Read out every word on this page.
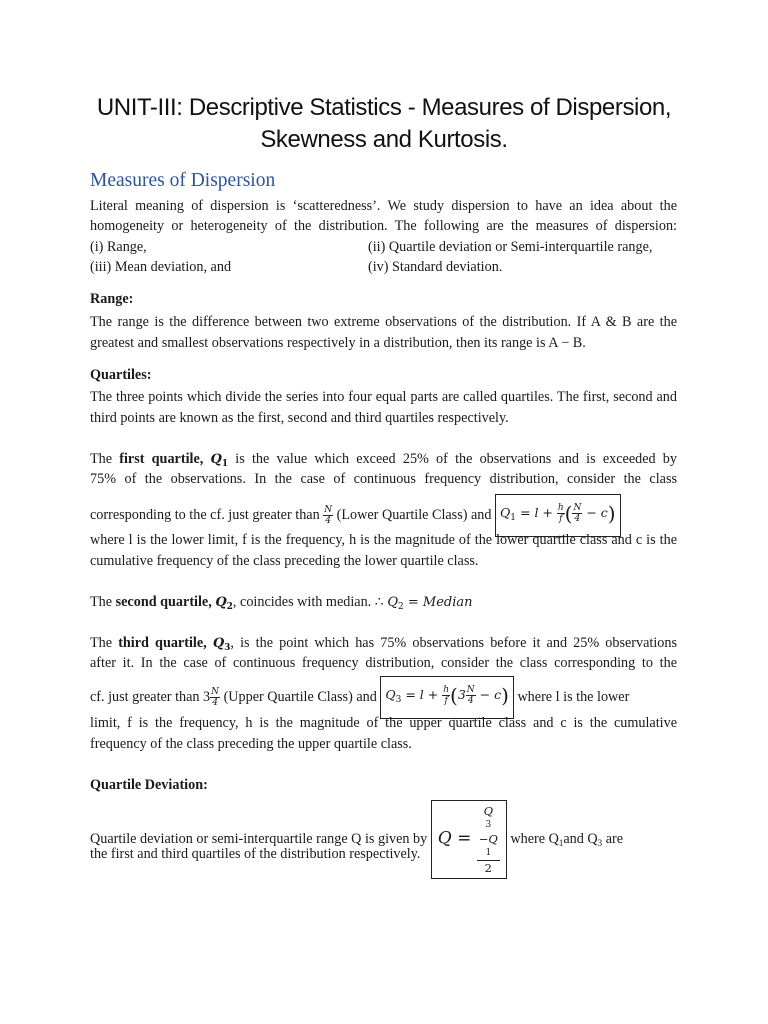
UNIT-III: Descriptive Statistics - Measures of Dispersion,
Skewness and Kurtosis.
Measures of Dispersion
Literal meaning of dispersion is ‘scatteredness’. We study dispersion to have an idea about the
homogeneity or heterogeneity of the distribution. The following are the measures of dispersion:
(i) Range,	(ii) Quartile deviation or Semi-interquartile range,
(iii) Mean deviation, and	(iv) Standard deviation.
Range:

The range is the difference between two extreme observations of the distribution. If A & B are the greatest and smallest observations respectively in a distribution, then its range is A − B.

Quartiles:

The three points which divide the series into four equal parts are called quartiles. The first, second and third points are known as the first, second and third quartiles respectively.

The first quartile, $Q_1$ is the value which exceed 25% of the observations and is exceeded by
75% of the observations. In the case of continuous frequency distribution, consider the class
corresponding to the cf. just greater than $\frac{N}{4}$ (Lower Quartile Class) and $Q_1 = l + \frac{h}{f}$ ( $\frac{N}{4} - c$)

where l is the lower limit, f is the frequency, h is the magnitude of the lower quartile class and c is the cumulative frequency of the class preceding the lower quartile class.

The second quartile, $Q_2$, coincides with median. ∴ $Q_2$ = Median
The third quartile, $Q_3$, is the point which has 75% observations before it and 25% observations
after it. In the case of continuous frequency distribution, consider the class corresponding to the
cf. just greater than $3 \frac{N}{4}$ (Upper Quartile Class) and $Q_3 = l + \frac{h}{f} (3 \frac{N}{4} - c)$ where l is the lower

limit, f is the frequency, h is the magnitude of the upper quartile class and c is the cumulative frequency of the class preceding the upper quartile class.

Quartile Deviation:
Quartile deviation or semi-interquartile range Q is given by Q = Q
3
−Q
1
2 where $Q_1and$ $Q_3$ are
the first and third quartiles of the distribution respectively.
